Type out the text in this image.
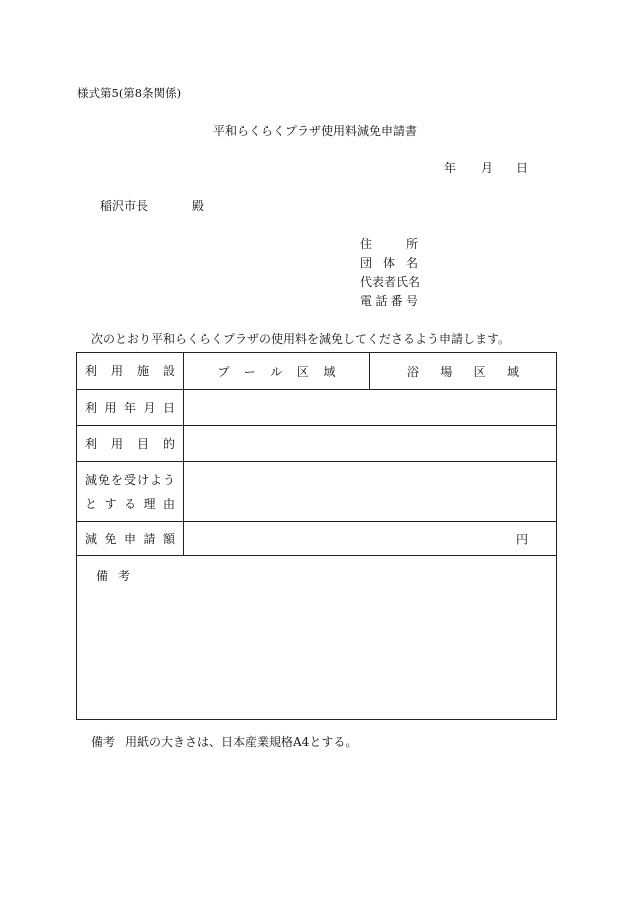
様式第5(第8条関係)
平和らくらくプラザ使用料減免申請書
年 月 日
稲沢市長	殿
住所
団体名
代表者氏名
電話番号
次のとおり平和らくらくプラザの使用料を減免してくださるよう申請します。
利用施設	プール区域	浴場区域
利用年月日
利用目的
減免を受けよう
とする理由
減免申請額	円
備考
備考 用紙の大きさは、日本産業規格A4とする。
